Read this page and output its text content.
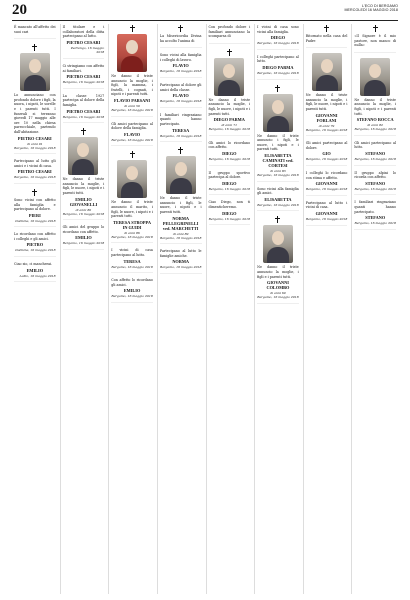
20	L'ECO DI BERGAMO
MERCOLEDÌ 16 MAGGIO 2018
È mancato all'affetto dei suoi cari
Lo annunciano con profondo dolore i figli, la nuora, i nipoti, le sorelle e i parenti tutti. I funerali si terranno giovedì 17 maggio alle ore 10 nella chiesa parrocchiale, partendo dall'abitazione.
PIETRO CESARI
di anni 91
Bergamo, 16 maggio 2018
Partecipano al lutto gli amici e i vicini di casa.
PIETRO CESARI
Bergamo, 16 maggio 2018
Sono vicini con affetto alla famiglia e partecipano al dolore.
PIERI
Dalmine, 16 maggio 2018
Lo ricordano con affetto i colleghi e gli amici.
PIETRO
Dalmine, 16 maggio 2018
Ciao zio, ci mancherai.
EMILIO
Lallio, 16 maggio 2018
Il titolare e i collaboratori della ditta partecipano al lutto.
PIETRO CESARI
Pedrengo, 16 maggio 2018
Ci stringiamo con affetto ai familiari.
PIETRO CESARI
Bergamo, 16 maggio 2018
La classe 1927 partecipa al dolore della famiglia.
PIETRO CESARI
Bergamo, 16 maggio 2018
Ne danno il triste annuncio la moglie, i figli, le nuore, i nipoti e i parenti tutti.
EMILIO GIOVANELLI
di anni 80
Bergamo, 16 maggio 2018
Gli amici del gruppo lo ricordano con affetto.
EMILIO
Bergamo, 16 maggio 2018
Ne danno il triste annuncio la moglie, i figli, la mamma, i fratelli, i cognati, i nipoti e i parenti tutti.
FLAVIO PARSANI
di anni 59
Bergamo, 16 maggio 2018
Gli amici partecipano al dolore della famiglia.
FLAVIO
Bergamo, 16 maggio 2018
Ne danno il triste annuncio il marito, i figli, le nuore, i nipoti e i parenti tutti.
TERESA STROPPA IN GUIDI
di anni 86
Bergamo, 16 maggio 2018
I vicini di casa partecipano al lutto.
TERESA
Bergamo, 16 maggio 2018
Con affetto lo ricordano gli amici.
EMILIO
Bergamo, 16 maggio 2018
La Misericordia Divina ha accolto l'anima di
Sono vicini alla famiglia i colleghi di lavoro.
FLAVIO
Bergamo, 16 maggio 2018
Partecipano al dolore gli amici della classe.
FLAVIO
Bergamo, 16 maggio 2018
I familiari ringraziano quanti hanno partecipato.
TERESA
Bergamo, 16 maggio 2018
Ne danno il triste annuncio i figli, le nuore, i nipoti e i parenti tutti.
NORMA PELLEGRINELLI ved. MARCHETTI
di anni 89
Bergamo, 16 maggio 2018
Partecipano al lutto le famiglie amiche.
NORMA
Bergamo, 16 maggio 2018
Con profondo dolore i familiari annunciano la scomparsa di
Ne danno il triste annuncio la moglie, i figli, le nuore, i nipoti e i parenti tutti.
DIEGO PARMA
di anni 71
Bergamo, 16 maggio 2018
Gli amici lo ricordano con affetto.
DIEGO
Bergamo, 16 maggio 2018
Il gruppo sportivo partecipa al dolore.
DIEGO
Bergamo, 16 maggio 2018
Ciao Diego, non ti dimenticheremo.
DIEGO
Bergamo, 16 maggio 2018
I vicini di casa sono vicini alla famiglia.
DIEGO
Bergamo, 16 maggio 2018
I colleghi partecipano al lutto.
DIEGO PARMA
Bergamo, 16 maggio 2018
Ne danno il triste annuncio i figli, le nuore, i nipoti e i parenti tutti.
ELISABETTA CAMINATI ved. CORTESI
di anni 83
Bergamo, 16 maggio 2018
Sono vicini alla famiglia gli amici.
ELISABETTA
Bergamo, 16 maggio 2018
Ne danno il triste annuncio la moglie, i figli e i parenti tutti.
GIOVANNI COLOMBO
di anni 60
Bergamo, 16 maggio 2018
Ritornato nella casa del Padre
Ne danno il triste annuncio la moglie, i figli, le nuore, i nipoti e i parenti tutti.
GIOVANNI FORLANI
di anni 79
Bergamo, 16 maggio 2018
Gli amici partecipano al dolore.
GIO
Bergamo, 16 maggio 2018
I colleghi lo ricordano con stima e affetto.
GIOVANNI
Bergamo, 16 maggio 2018
Partecipano al lutto i vicini di casa.
GIOVANNI
Bergamo, 16 maggio 2018
«Il Signore è il mio pastore, non manco di nulla»
Ne danno il triste annuncio la moglie, i figli, i nipoti e i parenti tutti.
STEFANO ROCCA
di anni 82
Bergamo, 16 maggio 2018
Gli amici partecipano al lutto.
STEFANO
Bergamo, 16 maggio 2018
Il gruppo alpini lo ricorda con affetto.
STEFANO
Bergamo, 16 maggio 2018
I familiari ringraziano quanti hanno partecipato.
STEFANO
Bergamo, 16 maggio 2018
